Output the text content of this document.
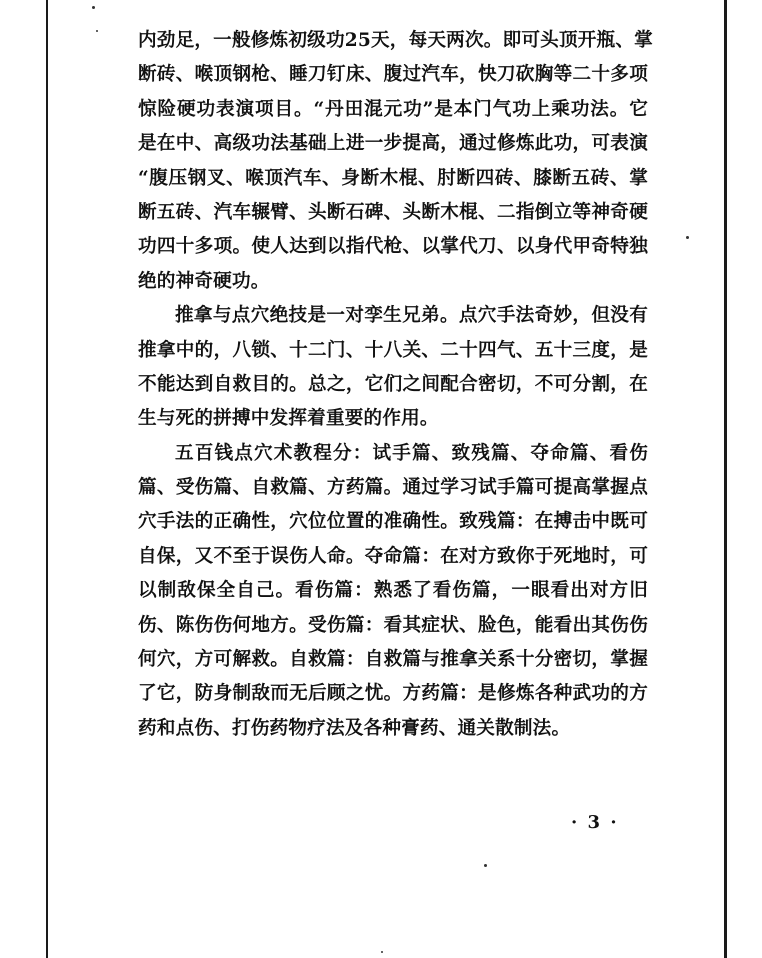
内劲足，一般修炼初级功25天，每天两次。即可头顶开瓶、掌
断砖、喉顶钢枪、睡刀钉床、腹过汽车，快刀砍胸等二十多项
惊险硬功表演项目。“丹田混元功”是本门气功上乘功法。它
是在中、高级功法基础上进一步提高，通过修炼此功，可表演
“腹压钢叉、喉顶汽车、身断木棍、肘断四砖、膝断五砖、掌
断五砖、汽车辗臂、头断石碑、头断木棍、二指倒立等神奇硬
功四十多项。使人达到以指代枪、以掌代刀、以身代甲奇特独
绝的神奇硬功。
推拿与点穴绝技是一对孪生兄弟。点穴手法奇妙，但没有
推拿中的，八锁、十二门、十八关、二十四气、五十三度，是
不能达到自救目的。总之，它们之间配合密切，不可分割，在
生与死的拼搏中发挥着重要的作用。
五百钱点穴术教程分：试手篇、致残篇、夺命篇、看伤
篇、受伤篇、自救篇、方药篇。通过学习试手篇可提高掌握点
穴手法的正确性，穴位位置的准确性。致残篇：在搏击中既可
自保，又不至于误伤人命。夺命篇：在对方致你于死地时，可
以制敌保全自己。看伤篇：熟悉了看伤篇，一眼看出对方旧
伤、陈伤伤何地方。受伤篇：看其症状、脸色，能看出其伤伤
何穴，方可解救。自救篇：自救篇与推拿关系十分密切，掌握
了它，防身制敌而无后顾之忧。方药篇：是修炼各种武功的方
药和点伤、打伤药物疗法及各种膏药、通关散制法。
· 3 ·
